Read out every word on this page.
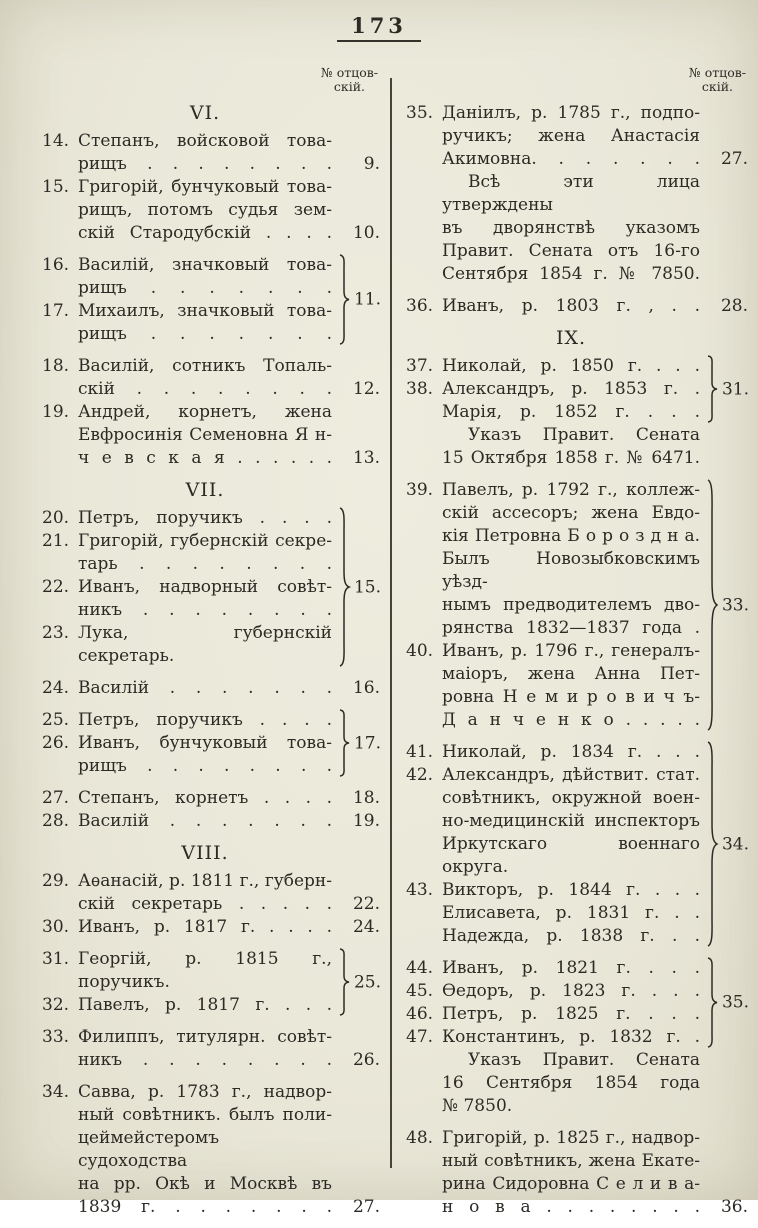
173
№ отцов-
скій.
VI.
14. Степанъ, войсковой това-
рищъ . . . . . . . . 9.
15. Григорій, бунчуковый това-
рищъ, потомъ судья зем-
скій Стародубскій . . . . 10.
16. Василій, значковый това-
рищъ . . . . . . .
17. Михаилъ, значковый това-
рищъ . . . . . . .
11.
18. Василій, сотникъ Топаль-
скій . . . . . . . . 12.
19. Андрей, корнетъ, жена
Евфросинія Семеновна Я н-
ч е в с к а я . . . . . . 13.
VII.
20. Петръ, поручикъ . . . .
21. Григорій, губернскій секре-
тарь . . . . . . . .
22. Иванъ, надворный совѣт-
никъ . . . . . . . .
23. Лука, губернскій секретарь.
15.
24. Василій . . . . . . . 16.
25. Петръ, поручикъ . . . .
26. Иванъ, бунчуковый това-
рищъ . . . . . . . .
17.
27. Степанъ, корнетъ . . . . 18.
28. Василій . . . . . . . 19.
VIII.
29. Аѳанасій, р. 1811 г., губерн-
скій секретарь . . . . . 22.
30. Иванъ, р. 1817 г. . . . . 24.
31. Георгій, р. 1815 г., поручикъ.
32. Павелъ, р. 1817 г. . . .
25.
33. Филиппъ, титулярн. совѣт-
никъ . . . . . . . . 26.
34. Савва, р. 1783 г., надвор-
ный совѣтникъ. былъ поли-
цеймейстеромъ судоходства
на рр. Окѣ и Москвѣ въ
1839 г. . . . . . . . 27.
№ отцов-
скій.
35. Даніилъ, р. 1785 г., подпо-
ручикъ; жена Анастасія
Акимовна. . . . . . . 27.
Всѣ эти лица утверждены
въ дворянствѣ указомъ
Правит. Сената отъ 16-го
Сентября 1854 г. № 7850.
36. Иванъ, р. 1803 г. , . . 28.
IX.
37. Николай, р. 1850 г. . . .
38. Александръ, р. 1853 г. .
Марія, р. 1852 г. . . .
31.
Указъ Правит. Сената
15 Октября 1858 г. № 6471.
39. Павелъ, р. 1792 г., коллеж-
скій ассесоръ; жена Евдо-
кія Петровна Б о р о з д н а.
Былъ Новозыбковскимъ уѣзд-
нымъ предводителемъ дво-
рянства 1832—1837 года .
40. Иванъ, р. 1796 г., генералъ-
маіоръ, жена Анна Пет-
ровна Н е м и р о в и ч ъ-
Д а н ч е н к о . . . . .
33.
41. Николай, р. 1834 г. . . .
42. Александръ, дѣйствит. стат.
совѣтникъ, окружной воен-
но-медицинскій инспекторъ
Иркутскаго военнаго округа.
43. Викторъ, р. 1844 г. . . .
Елисавета, р. 1831 г. . .
Надежда, р. 1838 г. . .
34.
44. Иванъ, р. 1821 г. . . .
45. Ѳедоръ, р. 1823 г. . . .
46. Петръ, р. 1825 г. . . .
47. Константинъ, р. 1832 г. .
35.
Указъ Правит. Сената
16 Сентября 1854 года
№ 7850.
48. Григорій, р. 1825 г., надвор-
ный совѣтникъ, жена Екате-
рина Сидоровна С е л и в а-
н о в а . . . . . . . . 36.
